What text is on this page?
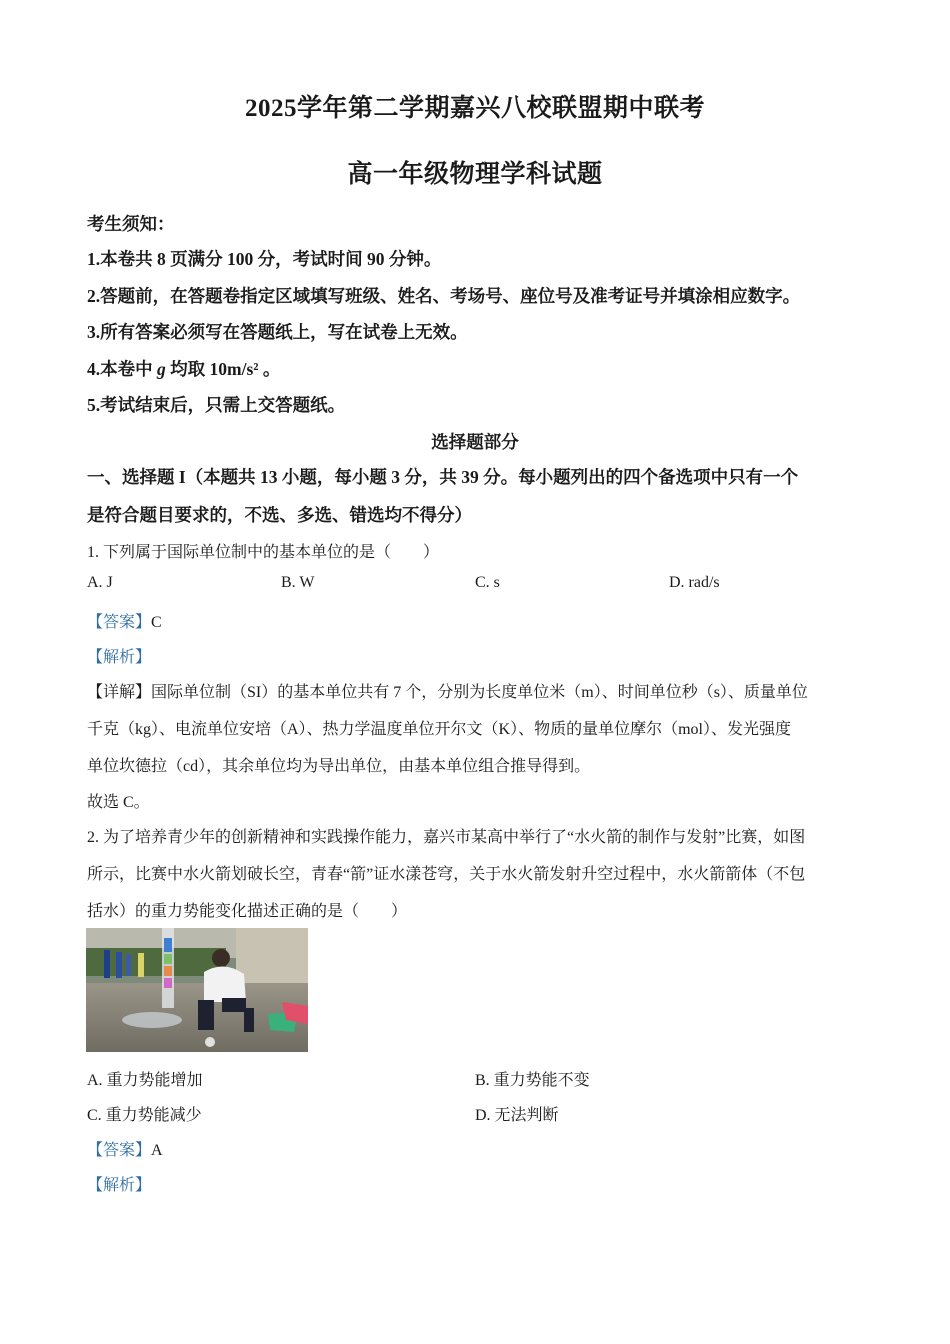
2025学年第二学期嘉兴八校联盟期中联考
高一年级物理学科试题
考生须知：
1.本卷共 8 页满分 100 分，考试时间 90 分钟。
2.答题前，在答题卷指定区域填写班级、姓名、考场号、座位号及准考证号并填涂相应数字。
3.所有答案必须写在答题纸上，写在试卷上无效。
4.本卷中 g 均取 10m/s² 。
5.考试结束后，只需上交答题纸。
选择题部分
一、选择题 I（本题共 13 小题，每小题 3 分，共 39 分。每小题列出的四个备选项中只有一个
是符合题目要求的，不选、多选、错选均不得分）
1. 下列属于国际单位制中的基本单位的是（　　）
A. J	B. W	C. s	D. rad/s
【答案】C
【解析】
【详解】国际单位制（SI）的基本单位共有 7 个，分别为长度单位米（m）、时间单位秒（s）、质量单位
千克（kg）、电流单位安培（A）、热力学温度单位开尔文（K）、物质的量单位摩尔（mol）、发光强度
单位坎德拉（cd），其余单位均为导出单位，由基本单位组合推导得到。
故选 C。
2. 为了培养青少年的创新精神和实践操作能力，嘉兴市某高中举行了“水火箭的制作与发射”比赛，如图
所示，比赛中水火箭划破长空，青春“箭”证水漾苍穹，关于水火箭发射升空过程中，水火箭箭体（不包
括水）的重力势能变化描述正确的是（　　）
A. 重力势能增加	B. 重力势能不变
C. 重力势能减少	D. 无法判断
【答案】A
【解析】
